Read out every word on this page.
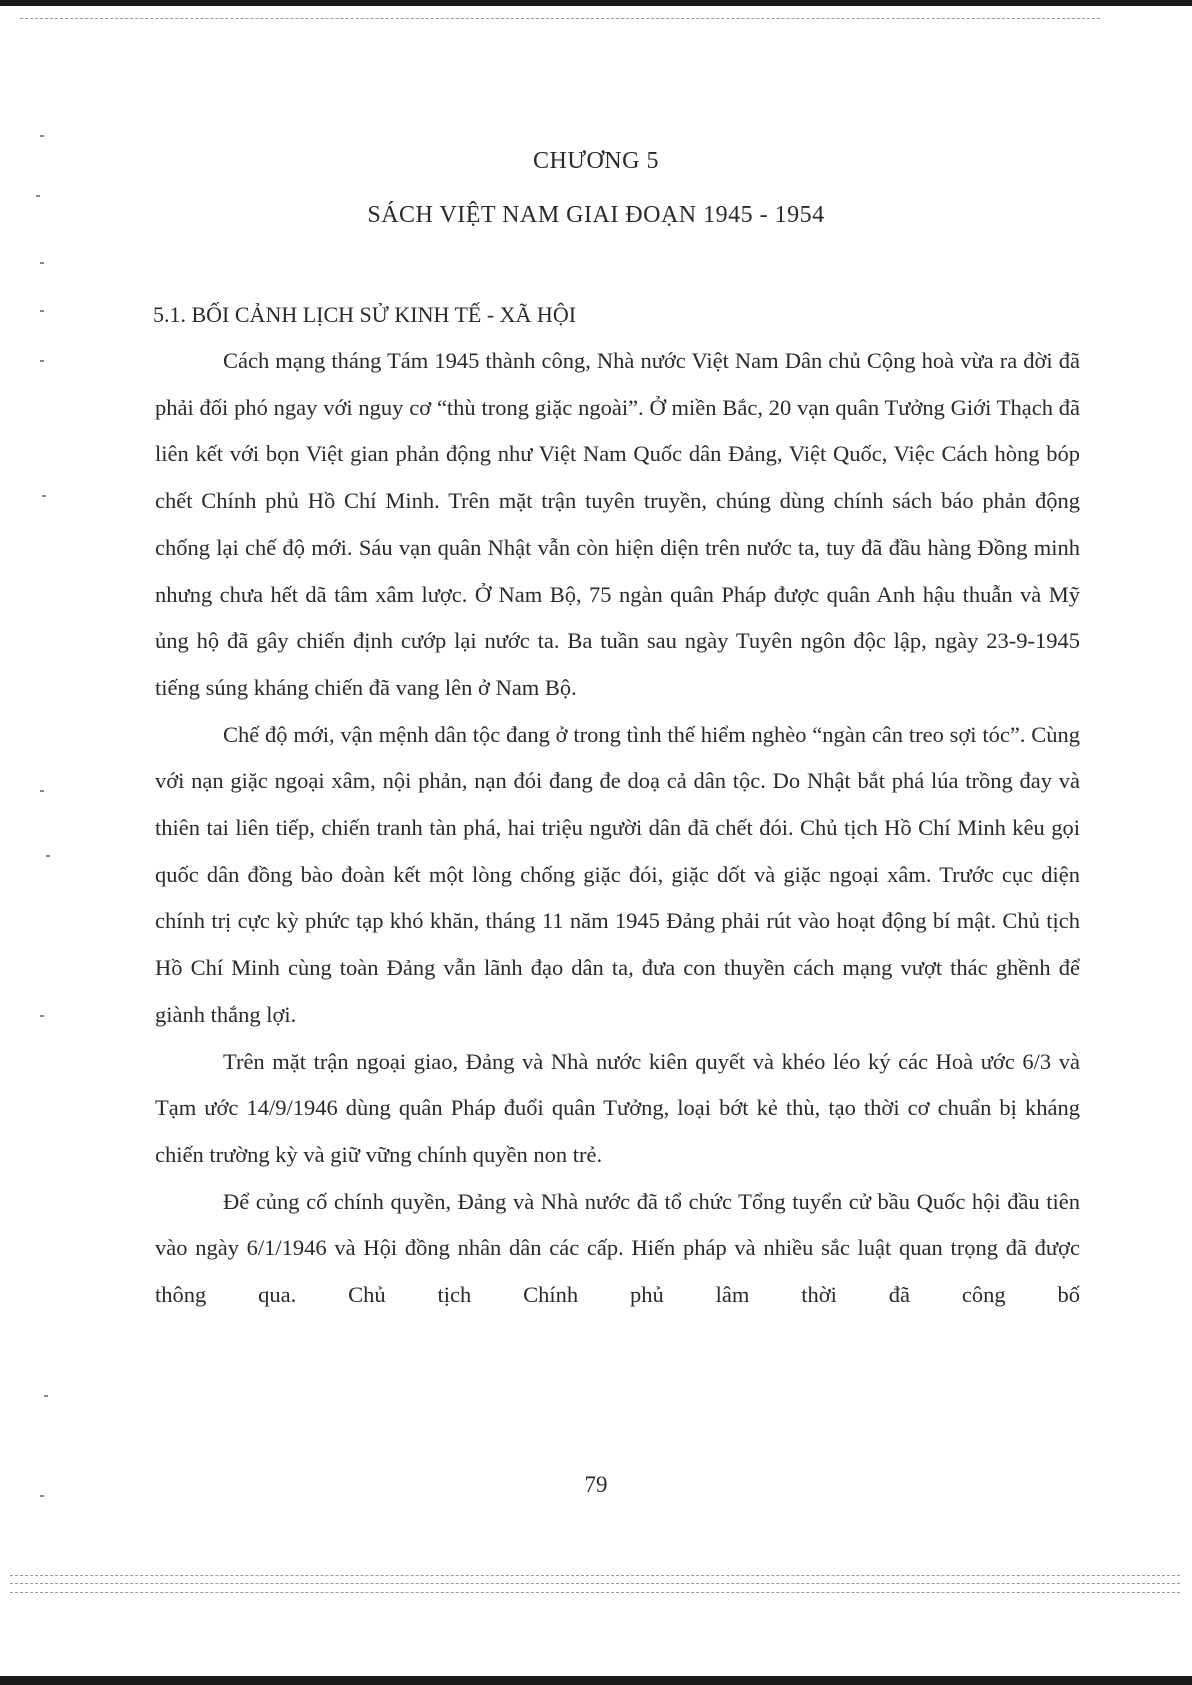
CHƯƠNG 5
SÁCH VIỆT NAM GIAI ĐOẠN 1945 - 1954
5.1. BỐI CẢNH LỊCH SỬ KINH TẾ - XÃ HỘI

Cách mạng tháng Tám 1945 thành công, Nhà nước Việt Nam Dân chủ Cộng hoà vừa ra đời đã phải đối phó ngay với nguy cơ “thù trong giặc ngoài”. Ở miền Bắc, 20 vạn quân Tưởng Giới Thạch đã liên kết với bọn Việt gian phản động như Việt Nam Quốc dân Đảng, Việt Quốc, Việc Cách hòng bóp chết Chính phủ Hồ Chí Minh. Trên mặt trận tuyên truyền, chúng dùng chính sách báo phản động chống lại chế độ mới. Sáu vạn quân Nhật vẫn còn hiện diện trên nước ta, tuy đã đầu hàng Đồng minh nhưng chưa hết dã tâm xâm lược. Ở Nam Bộ, 75 ngàn quân Pháp được quân Anh hậu thuẫn và Mỹ ủng hộ đã gây chiến định cướp lại nước ta. Ba tuần sau ngày Tuyên ngôn độc lập, ngày 23-9-1945 tiếng súng kháng chiến đã vang lên ở Nam Bộ.

Chế độ mới, vận mệnh dân tộc đang ở trong tình thế hiểm nghèo “ngàn cân treo sợi tóc”. Cùng với nạn giặc ngoại xâm, nội phản, nạn đói đang đe doạ cả dân tộc. Do Nhật bắt phá lúa trồng đay và thiên tai liên tiếp, chiến tranh tàn phá, hai triệu người dân đã chết đói. Chủ tịch Hồ Chí Minh kêu gọi quốc dân đồng bào đoàn kết một lòng chống giặc đói, giặc dốt và giặc ngoại xâm. Trước cục diện chính trị cực kỳ phức tạp khó khăn, tháng 11 năm 1945 Đảng phải rút vào hoạt động bí mật. Chủ tịch Hồ Chí Minh cùng toàn Đảng vẫn lãnh đạo dân ta, đưa con thuyền cách mạng vượt thác ghềnh để giành thắng lợi.

Trên mặt trận ngoại giao, Đảng và Nhà nước kiên quyết và khéo léo ký các Hoà ước 6/3 và Tạm ước 14/9/1946 dùng quân Pháp đuổi quân Tưởng, loại bớt kẻ thù, tạo thời cơ chuẩn bị kháng chiến trường kỳ và giữ vững chính quyền non trẻ.

Để củng cố chính quyền, Đảng và Nhà nước đã tổ chức Tổng tuyển cử bầu Quốc hội đầu tiên vào ngày 6/1/1946 và Hội đồng nhân dân các cấp. Hiến pháp và nhiều sắc luật quan trọng đã được thông qua. Chủ tịch Chính phủ lâm thời đã công bố

79
